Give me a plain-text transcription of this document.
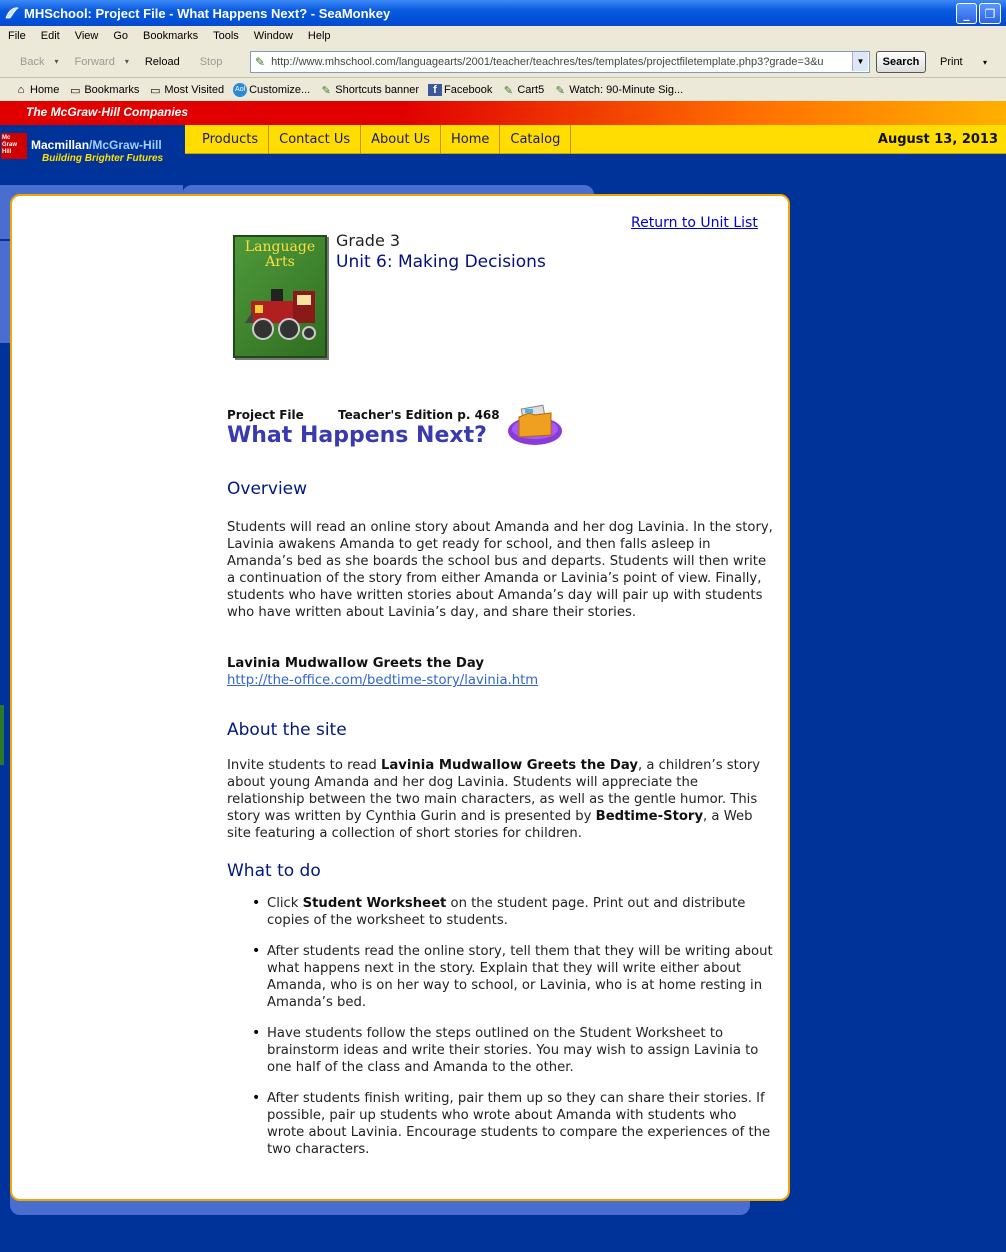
MHSchool: Project File - What Happens Next? - SeaMonkey	_	❐
File Edit View Go Bookmarks Tools Window Help
Back ▾ Forward ▾ Reload Stop	✎ http://www.mhschool.com/languagearts/2001/teacher/teachres/tes/templates/projectfiletemplate.php3?grade=3&u	▼	Search	Print	▾
⌂ Home ▭ Bookmarks ▭ Most Visited Aol Customize... ✎ Shortcuts banner	f Facebook ✎ Cart5 ✎ Watch: 90-Minute Sig...
The McGraw·Hill Companies
Mc Graw Hill	Macmillan/McGraw-Hill
Building Brighter Futures
Products	Contact Us	About Us	Home	Catalog	August 13, 2013
Return to Unit List
Language Arts
Grade 3
Unit 6: Making Decisions
Project File	Teacher's Edition p. 468
What Happens Next?
Overview

Students will read an online story about Amanda and her dog Lavinia. In the story, Lavinia awakens Amanda to get ready for school, and then falls asleep in Amanda’s bed as she boards the school bus and departs. Students will then write a continuation of the story from either Amanda or Lavinia’s point of view. Finally, students who have written stories about Amanda’s day will pair up with students who have written about Lavinia’s day, and share their stories.

Lavinia Mudwallow Greets the Day
http://the-office.com/bedtime-story/lavinia.htm
About the site

Invite students to read Lavinia Mudwallow Greets the Day, a children’s story about young Amanda and her dog Lavinia. Students will appreciate the relationship between the two main characters, as well as the gentle humor. This story was written by Cynthia Gurin and is presented by Bedtime-Story, a Web site featuring a collection of short stories for children.

What to do
• Click Student Worksheet on the student page. Print out and distribute copies of the worksheet to students.
• After students read the online story, tell them that they will be writing about what happens next in the story. Explain that they will write either about Amanda, who is on her way to school, or Lavinia, who is at home resting in Amanda’s bed.
• Have students follow the steps outlined on the Student Worksheet to brainstorm ideas and write their stories. You may wish to assign Lavinia to one half of the class and Amanda to the other.
• After students finish writing, pair them up so they can share their stories. If possible, pair up students who wrote about Amanda with students who wrote about Lavinia. Encourage students to compare the experiences of the two characters.
